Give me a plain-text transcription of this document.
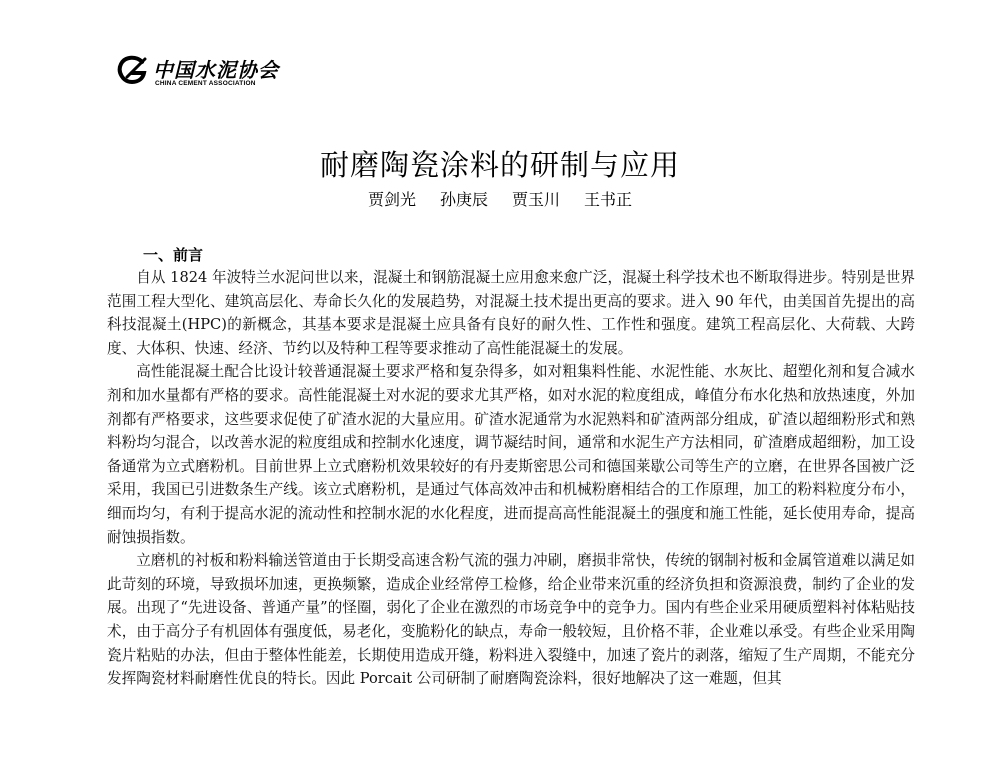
中国水泥协会
CHINA CEMENT ASSOCIATION
耐磨陶瓷涂料的研制与应用
贾剑光 孙庚辰 贾玉川 王书正
一、前言

自从 1824 年波特兰水泥问世以来，混凝土和钢筋混凝土应用愈来愈广泛，混凝土科学技术也不断取得进步。特别是世界范围工程大型化、建筑高层化、寿命长久化的发展趋势，对混凝土技术提出更高的要求。进入 90 年代，由美国首先提出的高科技混凝土(HPC)的新概念，其基本要求是混凝土应具备有良好的耐久性、工作性和强度。建筑工程高层化、大荷载、大跨度、大体积、快速、经济、节约以及特种工程等要求推动了高性能混凝土的发展。

高性能混凝土配合比设计较普通混凝土要求严格和复杂得多，如对粗集料性能、水泥性能、水灰比、超塑化剂和复合减水剂和加水量都有严格的要求。高性能混凝土对水泥的要求尤其严格，如对水泥的粒度组成，峰值分布水化热和放热速度，外加剂都有严格要求，这些要求促使了矿渣水泥的大量应用。矿渣水泥通常为水泥熟料和矿渣两部分组成，矿渣以超细粉形式和熟料粉均匀混合，以改善水泥的粒度组成和控制水化速度，调节凝结时间，通常和水泥生产方法相同，矿渣磨成超细粉，加工设备通常为立式磨粉机。目前世界上立式磨粉机效果较好的有丹麦斯密思公司和德国莱歇公司等生产的立磨，在世界各国被广泛采用，我国已引进数条生产线。该立式磨粉机，是通过气体高效冲击和机械粉磨相结合的工作原理，加工的粉料粒度分布小，细而均匀，有利于提高水泥的流动性和控制水泥的水化程度，进而提高高性能混凝土的强度和施工性能，延长使用寿命，提高耐蚀损指数。

立磨机的衬板和粉料输送管道由于长期受高速含粉气流的强力冲刷，磨损非常快，传统的钢制衬板和金属管道难以满足如此苛刻的环境，导致损坏加速，更换频繁，造成企业经常停工检修，给企业带来沉重的经济负担和资源浪费，制约了企业的发展。出现了“先进设备、普通产量”的怪圈，弱化了企业在激烈的市场竞争中的竞争力。国内有些企业采用硬质塑料衬体粘贴技术，由于高分子有机固体有强度低，易老化，变脆粉化的缺点，寿命一般较短，且价格不菲，企业难以承受。有些企业采用陶瓷片粘贴的办法，但由于整体性能差，长期使用造成开缝，粉料进入裂缝中，加速了瓷片的剥落，缩短了生产周期，不能充分发挥陶瓷材料耐磨性优良的特长。因此 Porcait 公司研制了耐磨陶瓷涂料，很好地解决了这一难题，但其
